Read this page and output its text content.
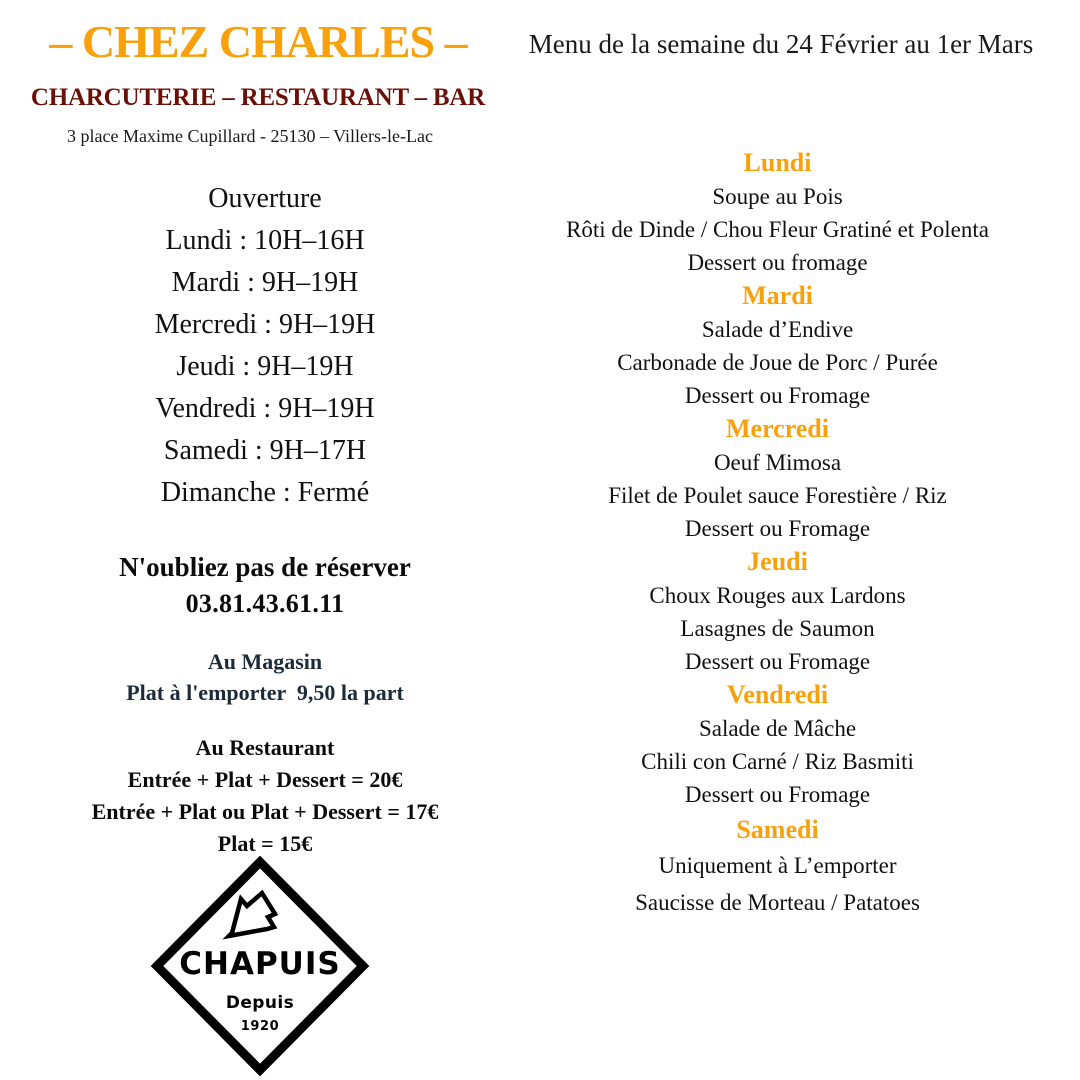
– CHEZ CHARLES –	Menu de la semaine du 24 Février au 1er Mars
CHARCUTERIE – RESTAURANT – BAR
3 place Maxime Cupillard - 25130 – Villers-le-Lac
Ouverture
Lundi : 10H–16H
Mardi : 9H–19H
Mercredi : 9H–19H
Jeudi : 9H–19H
Vendredi : 9H–19H
Samedi : 9H–17H
Dimanche : Fermé
N'oubliez pas de réserver
03.81.43.61.11
Au Magasin
Plat à l'emporter  9,50 la part
Au Restaurant
Entrée + Plat + Dessert = 20€
Entrée + Plat ou Plat + Dessert = 17€
Plat = 15€
CHAPUIS
Depuis
1920
Lundi
Soupe au Pois
Rôti de Dinde / Chou Fleur Gratiné et Polenta
Dessert ou fromage
Mardi
Salade d’Endive
Carbonade de Joue de Porc / Purée
Dessert ou Fromage
Mercredi
Oeuf Mimosa
Filet de Poulet sauce Forestière / Riz
Dessert ou Fromage
Jeudi
Choux Rouges aux Lardons
Lasagnes de Saumon
Dessert ou Fromage
Vendredi
Salade de Mâche
Chili con Carné / Riz Basmiti
Dessert ou Fromage
Samedi
Uniquement à L’emporter
Saucisse de Morteau / Patatoes
